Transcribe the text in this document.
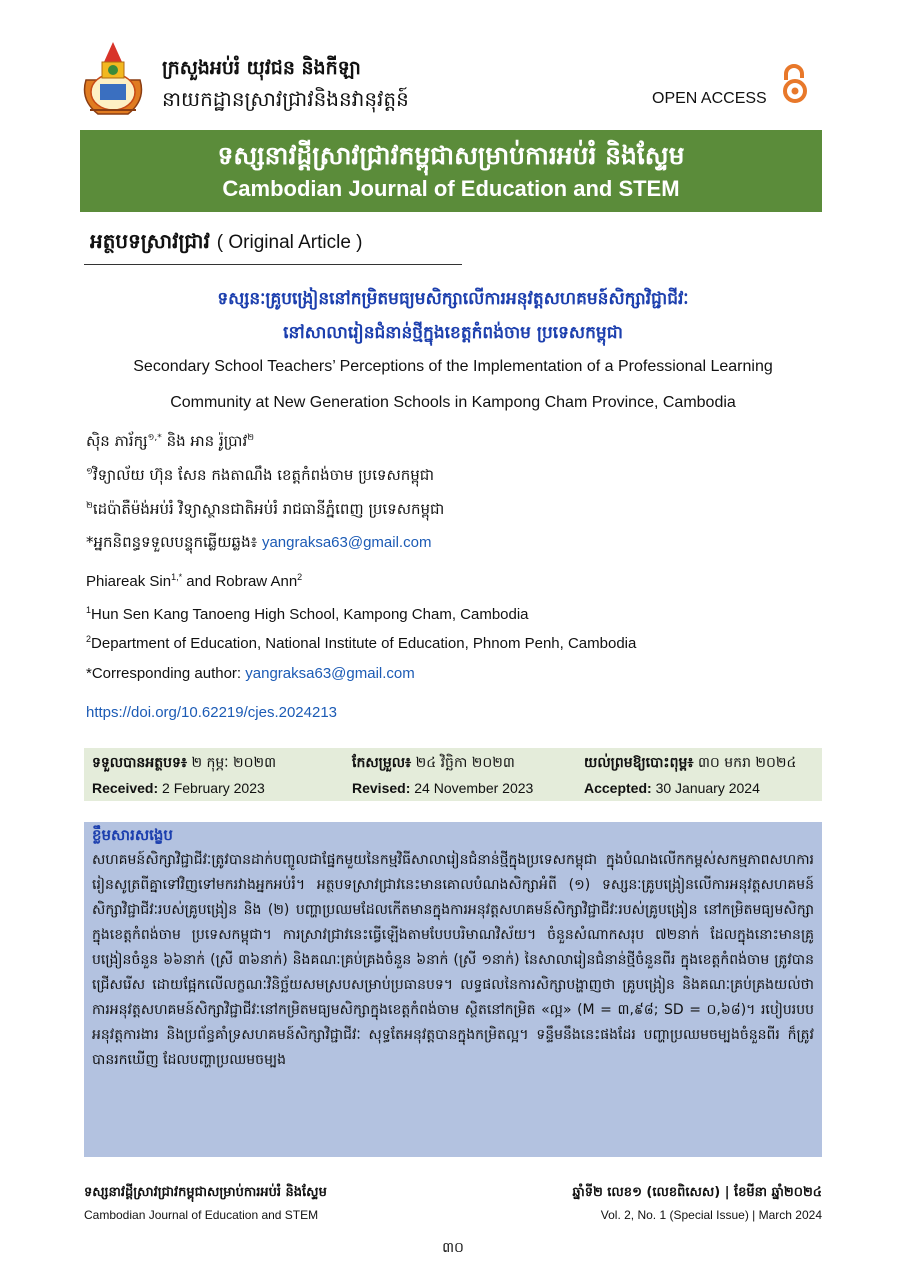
ក្រសួងអប់រំ យុវជន និងកីឡា
នាយកដ្ឋានស្រាវជ្រាវនិងនវានុវត្តន៍	OPEN ACCESS
ទស្សនាវដ្ដីស្រាវជ្រាវកម្ពុជាសម្រាប់ការអប់រំ និងស្ទែម
Cambodian Journal of Education and STEM
អត្ថបទស្រាវជ្រាវ ( Original Article )
ទស្សនៈគ្រូបង្រៀននៅកម្រិតមធ្យមសិក្សាលើការអនុវត្តសហគមន៍សិក្សាវិជ្ជាជីវៈ
នៅសាលារៀនជំនាន់ថ្មីក្នុងខេត្តកំពង់ចាម ប្រទេសកម្ពុជា
Secondary School Teachers’ Perceptions of the Implementation of a Professional Learning
Community at New Generation Schools in Kampong Cham Province, Cambodia
ស៊ិន ភារ័ក្ស$^{១,*}$ និង អាន រ៉ូប្រាវ$^២$
$^១$វិទ្យាល័យ ហ៊ុន សែន កងតាណឹង ខេត្តកំពង់ចាម ប្រទេសកម្ពុជា
$^២$ដេប៉ាតឺម៉ង់អប់រំ វិទ្យាស្ថានជាតិអប់រំ រាជធានីភ្នំពេញ ប្រទេសកម្ពុជា
*អ្នកនិពន្ធទទួលបន្ទុកឆ្លើយឆ្លង៖ yangraksa63@gmail.com
Phiareak Sin$^{1,*}$ and Robraw Ann$^2$
$^1$Hun Sen Kang Tanoeng High School, Kampong Cham, Cambodia
$^2$Department of Education, National Institute of Education, Phnom Penh, Cambodia
*Corresponding author: yangraksa63@gmail.com
https://doi.org/10.62219/cjes.2024213
ទទួលបានអត្ថបទ៖ ២ កុម្ភៈ ២០២៣	កែសម្រួល៖ ២៤ វិច្ឆិកា ២០២៣	យល់ព្រមឱ្យបោះពុម្ព៖ ៣០ មករា ២០២៤
Received: 2 February 2023	Revised: 24 November 2023	Accepted: 30 January 2024
ខ្លឹមសារសង្ខេប
សហគមន៍សិក្សាវិជ្ជាជីវៈត្រូវបានដាក់បញ្ចូលជាផ្នែកមួយនៃកម្មវិធីសាលារៀនជំនាន់ថ្មីក្នុងប្រទេសកម្ពុជា ក្នុងបំណងលើកកម្ពស់សកម្មភាពសហការរៀនសូត្រពីគ្នាទៅវិញទៅមករវាងអ្នកអប់រំ។ អត្ថបទស្រាវជ្រាវនេះមានគោលបំណងសិក្សាអំពី (១) ទស្សនៈគ្រូបង្រៀនលើការអនុវត្តសហគមន៍សិក្សាវិជ្ជាជីវៈរបស់គ្រូបង្រៀន និង (២) បញ្ហាប្រឈមដែលកើតមានក្នុងការអនុវត្តសហគមន៍សិក្សាវិជ្ជាជីវៈរបស់គ្រូបង្រៀន នៅកម្រិតមធ្យមសិក្សាក្នុងខេត្តកំពង់ចាម ប្រទេសកម្ពុជា។ ការស្រាវជ្រាវនេះធ្វើឡើងតាមបែបបរិមាណវិស័យ។ ចំនួនសំណាកសរុប ៧២នាក់ ដែលក្នុងនោះមានគ្រូបង្រៀនចំនួន ៦៦នាក់ (ស្រី ៣៦នាក់) និងគណៈគ្រប់គ្រងចំនួន ៦នាក់ (ស្រី ១នាក់) នៃសាលារៀនជំនាន់ថ្មីចំនួនពីរ ក្នុងខេត្តកំពង់ចាម ត្រូវបានជ្រើសរើស ដោយផ្អែកលើលក្ខណៈវិនិច្ឆ័យសមស្របសម្រាប់ប្រធានបទ។ លទ្ធផលនៃការសិក្សាបង្ហាញថា គ្រូបង្រៀន និងគណៈគ្រប់គ្រងយល់ថាការអនុវត្តសហគមន៍សិក្សាវិជ្ជាជីវៈនៅកម្រិតមធ្យមសិក្សាក្នុងខេត្តកំពង់ចាម ស្ថិតនៅកម្រិត «ល្អ» (M = ៣,៩៨; SD = ០,៦៨)។ របៀបរបបអនុវត្តការងារ និងប្រព័ន្ធគាំទ្រសហគមន៍សិក្សាវិជ្ជាជីវៈ សុទ្ធតែអនុវត្តបានក្នុងកម្រិតល្អ។ ទន្ទឹមនឹងនេះផងដែរ បញ្ហាប្រឈមចម្បងចំនួនពីរ ក៏ត្រូវបានរកឃើញ ដែលបញ្ហាប្រឈមចម្បង
ទស្សនាវដ្ដីស្រាវជ្រាវកម្ពុជាសម្រាប់ការអប់រំ និងស្ទែម
Cambodian Journal of Education and STEM
ឆ្នាំទី២ លេខ១ (លេខពិសេស) | ខែមីនា ឆ្នាំ២០២៤
Vol. 2, No. 1 (Special Issue) | March 2024
៣០
